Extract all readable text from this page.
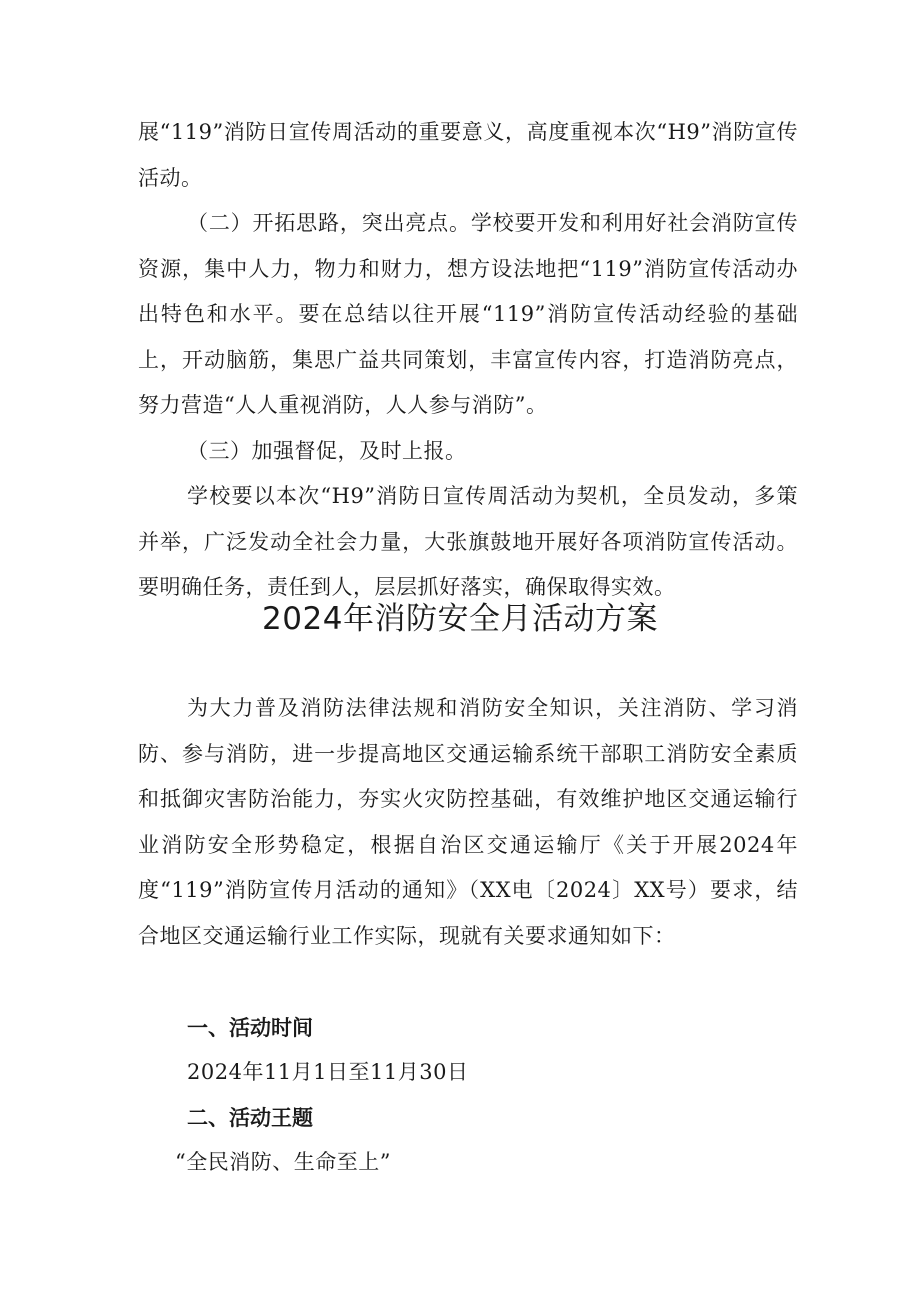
展“119”消防日宣传周活动的重要意义，高度重视本次“H9”消防宣传活动。

（二）开拓思路，突出亮点。学校要开发和利用好社会消防宣传资源，集中人力，物力和财力，想方设法地把“119”消防宣传活动办出特色和水平。要在总结以往开展“119”消防宣传活动经验的基础上，开动脑筋，集思广益共同策划，丰富宣传内容，打造消防亮点，努力营造“人人重视消防，人人参与消防”。

（三）加强督促，及时上报。

学校要以本次“H9”消防日宣传周活动为契机，全员发动，多策并举，广泛发动全社会力量，大张旗鼓地开展好各项消防宣传活动。要明确任务，责任到人，层层抓好落实，确保取得实效。

2024年消防安全月活动方案

为大力普及消防法律法规和消防安全知识，关注消防、学习消防、参与消防，进一步提高地区交通运输系统干部职工消防安全素质和抵御灾害防治能力，夯实火灾防控基础，有效维护地区交通运输行业消防安全形势稳定，根据自治区交通运输厅《关于开展2024年度“119”消防宣传月活动的通知》（XX电〔2024〕XX号）要求，结合地区交通运输行业工作实际，现就有关要求通知如下：

一、活动时间

2024年11月1日至11月30日

二、活动王题

“全民消防、生命至上”
